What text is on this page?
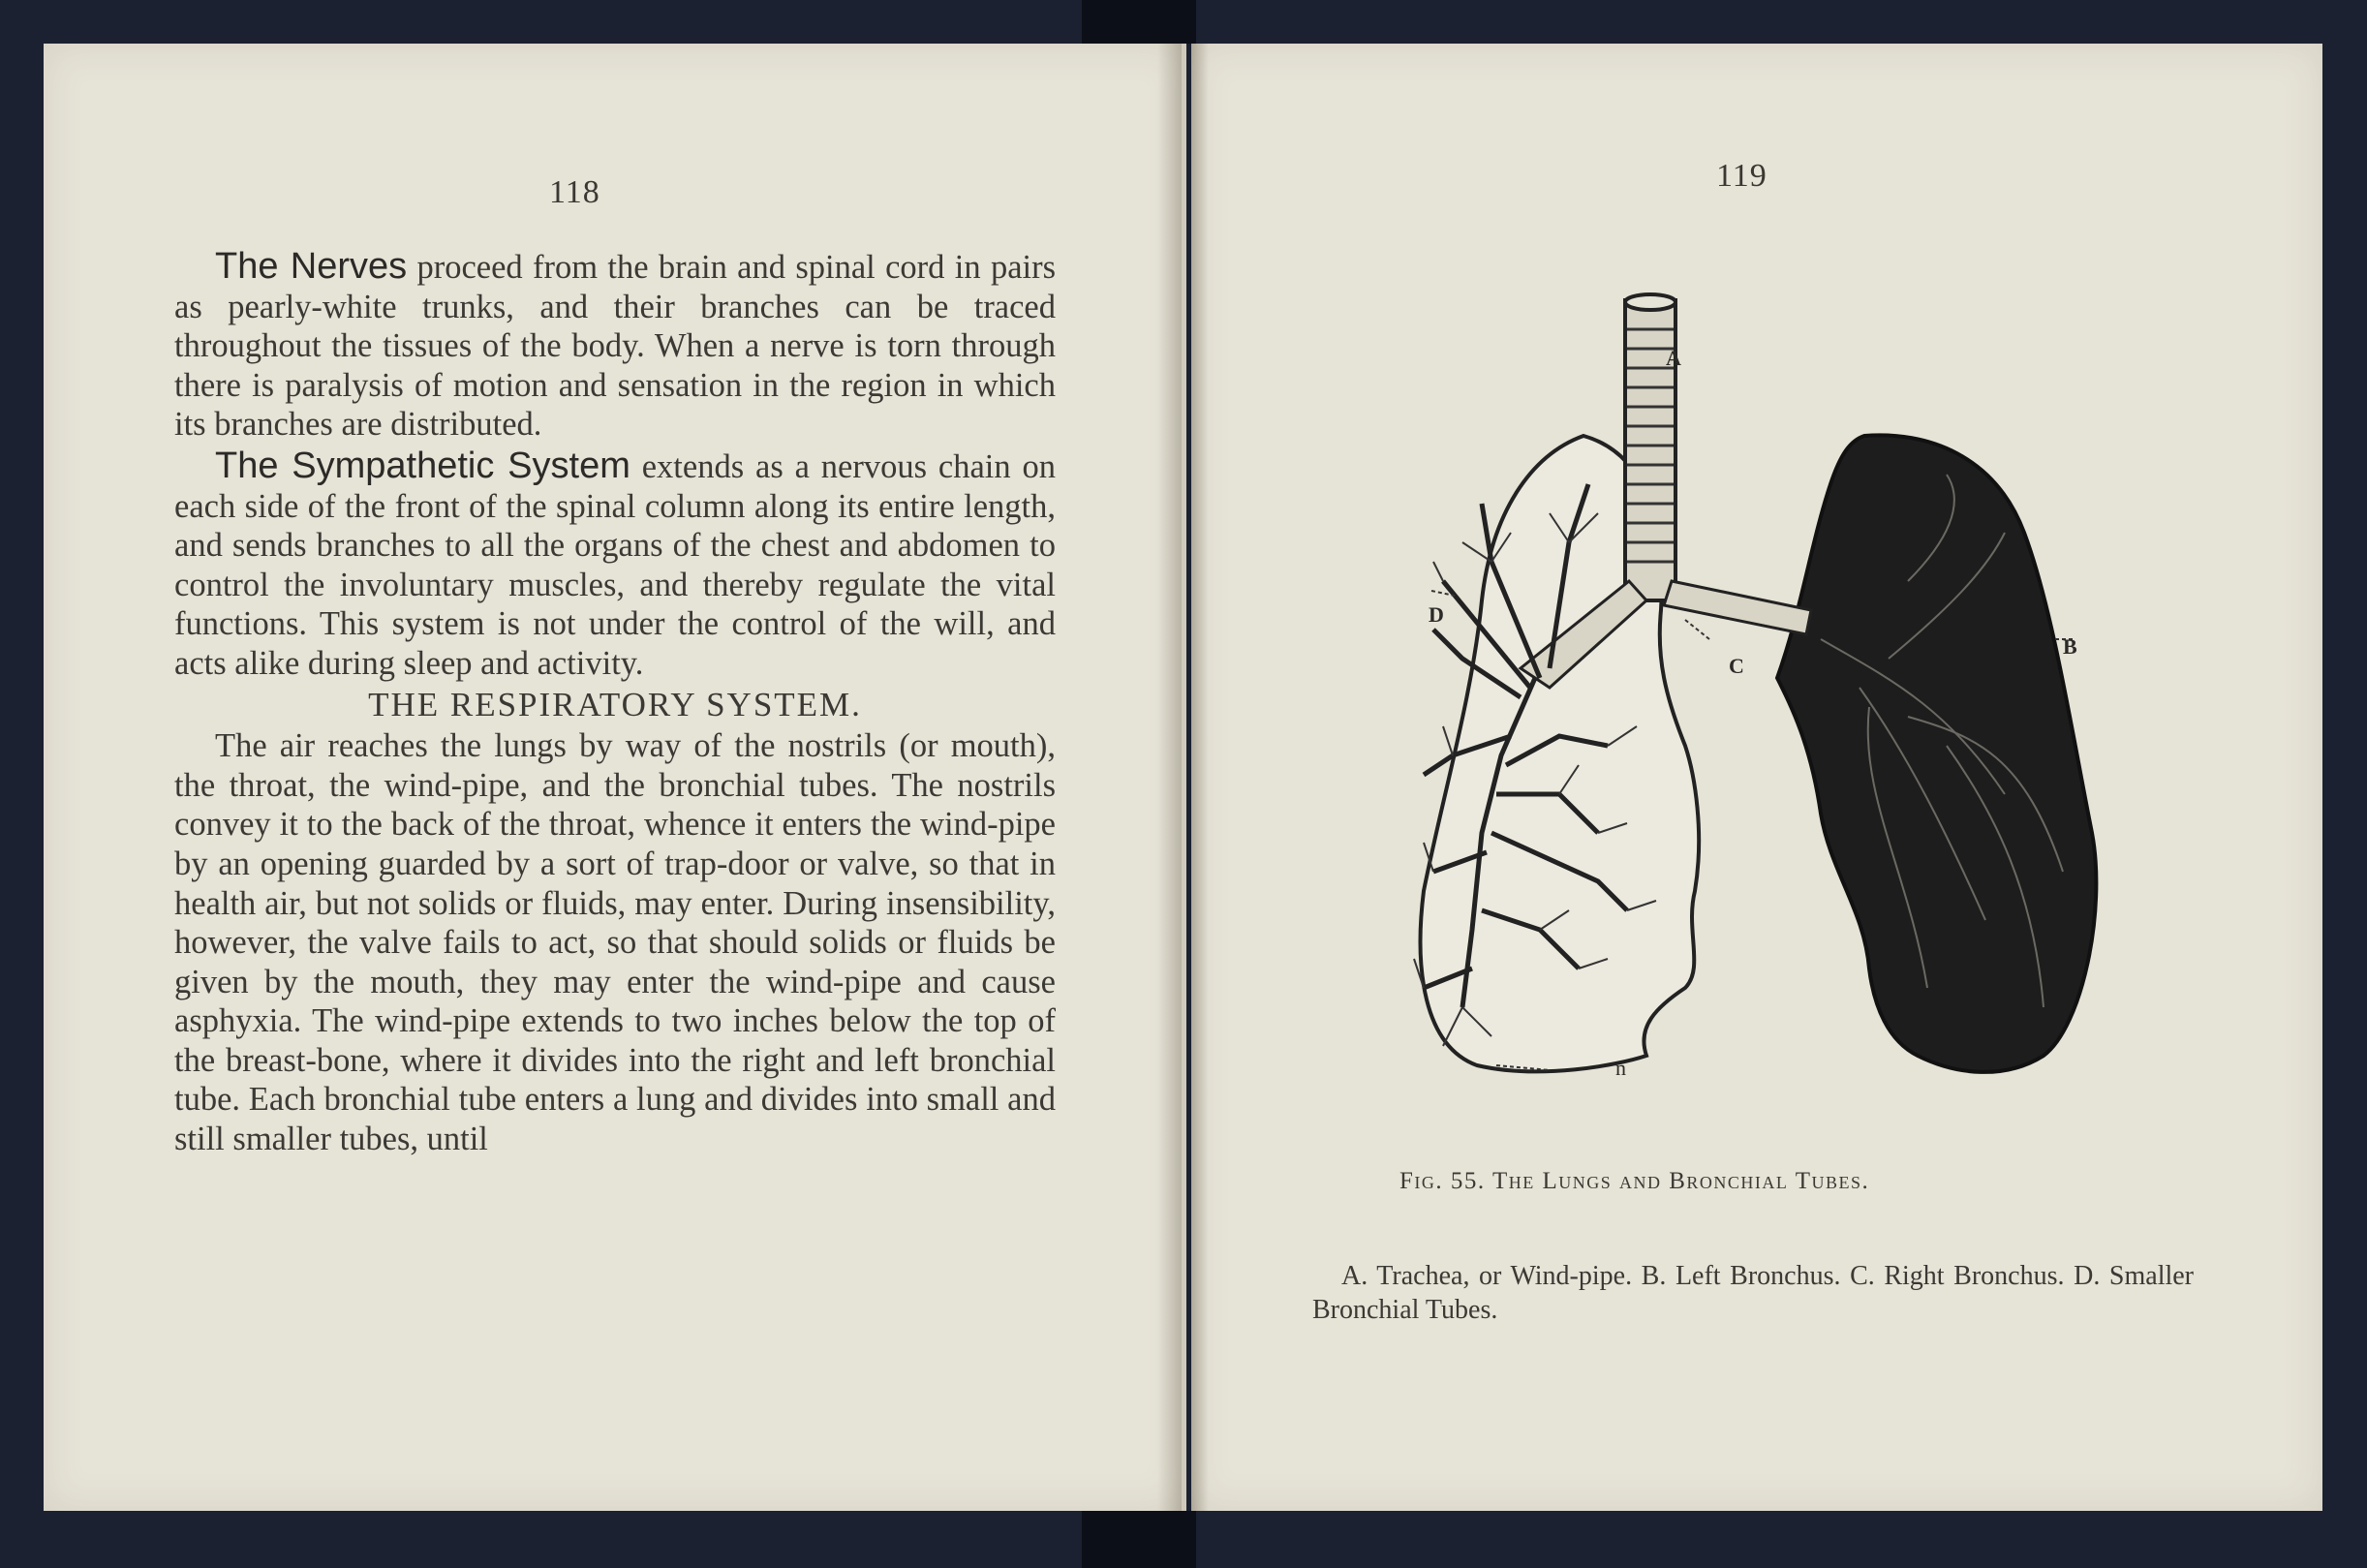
118	119

The Nerves proceed from the brain and spinal cord in pairs as pearly-white trunks, and their branches can be traced throughout the tissues of the body. When a nerve is torn through there is paralysis of motion and sensation in the region in which its branches are distributed.

The Sympathetic System extends as a nervous chain on each side of the front of the spinal column along its entire length, and sends branches to all the organs of the chest and abdomen to control the involuntary muscles, and thereby regulate the vital functions. This system is not under the control of the will, and acts alike during sleep and activity.

THE RESPIRATORY SYSTEM.

The air reaches the lungs by way of the nostrils (or mouth), the throat, the wind-pipe, and the bronchial tubes. The nostrils convey it to the back of the throat, whence it enters the wind-pipe by an opening guarded by a sort of trap-door or valve, so that in health air, but not solids or fluids, may enter. During insensibility, however, the valve fails to act, so that should solids or fluids be given by the mouth, they may enter the wind-pipe and cause asphyxia. The wind-pipe extends to two inches below the top of the breast-bone, where it divides into the right and left bronchial tube. Each bronchial tube enters a lung and divides into small and still smaller tubes, until

A
B
C
D
n
Fig. 55. The Lungs and Bronchial Tubes.
A. Trachea, or Wind-pipe. B. Left Bronchus. C. Right Bronchus. D. Smaller Bronchial Tubes.
